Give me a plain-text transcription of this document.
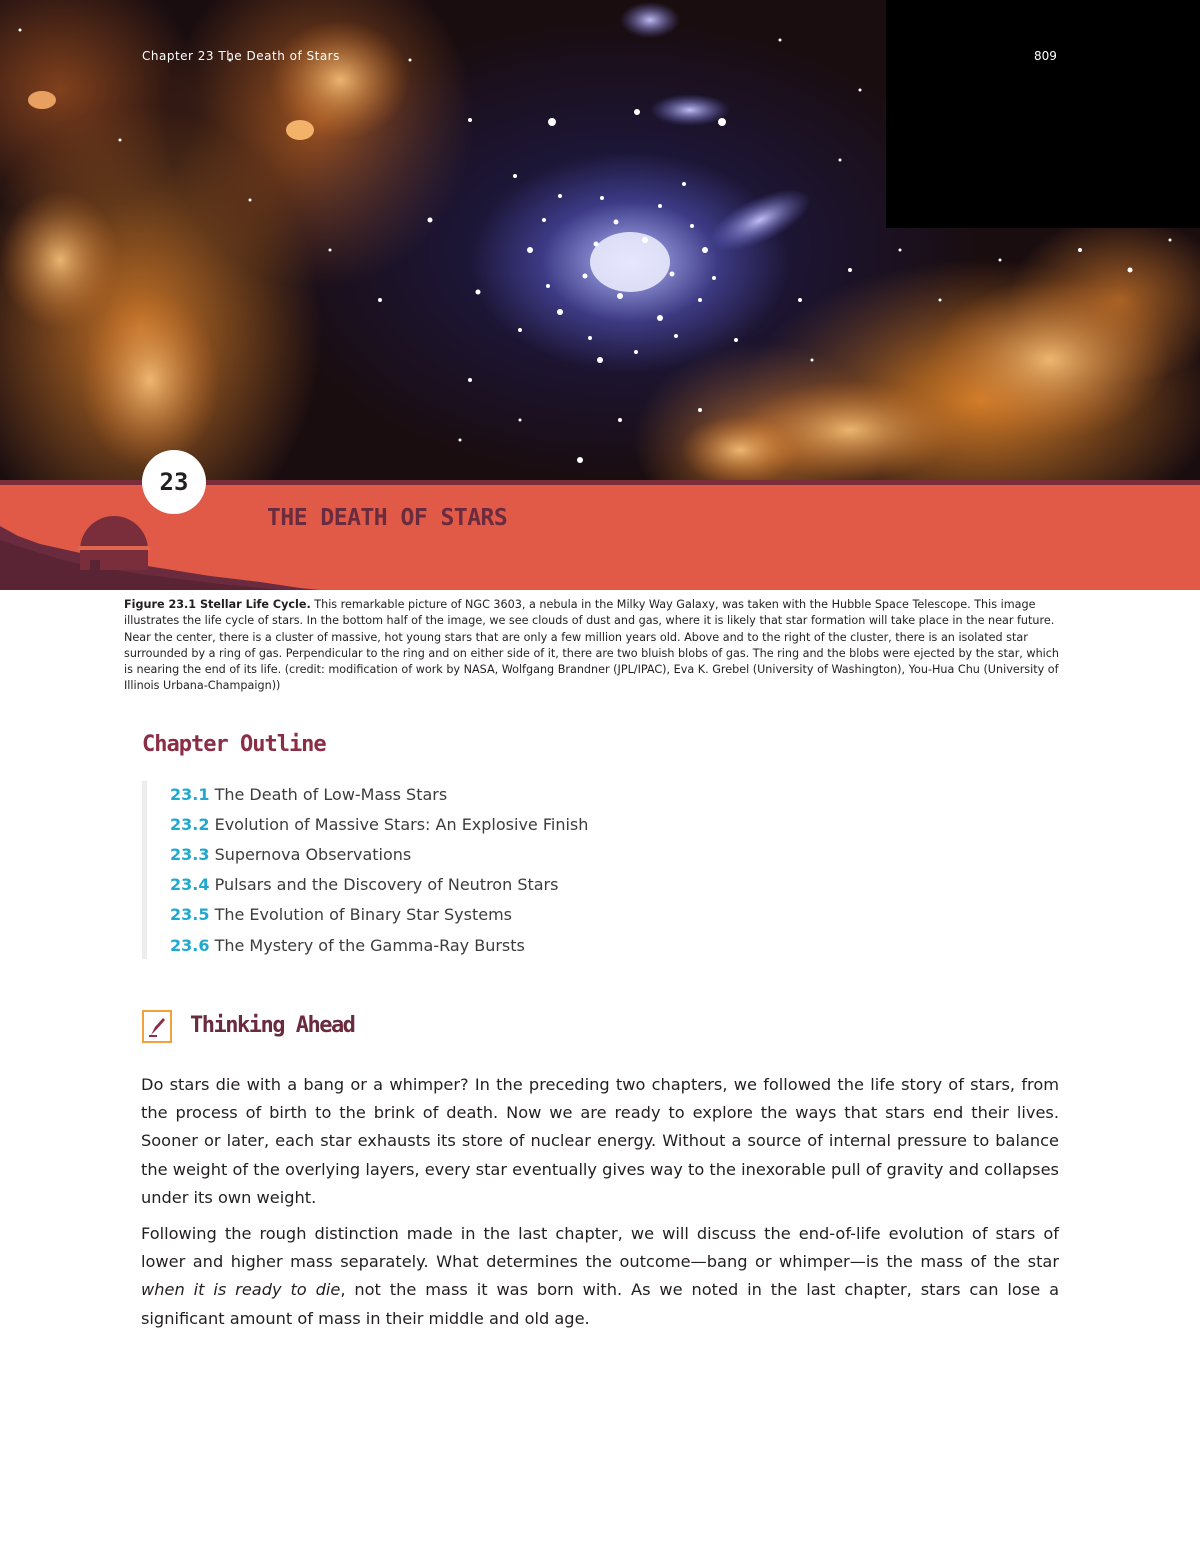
Chapter 23 The Death of Stars	809
23
THE DEATH OF STARS
Figure 23.1 Stellar Life Cycle. This remarkable picture of NGC 3603, a nebula in the Milky Way Galaxy, was taken with the Hubble Space Telescope. This image illustrates the life cycle of stars. In the bottom half of the image, we see clouds of dust and gas, where it is likely that star formation will take place in the near future. Near the center, there is a cluster of massive, hot young stars that are only a few million years old. Above and to the right of the cluster, there is an isolated star surrounded by a ring of gas. Perpendicular to the ring and on either side of it, there are two bluish blobs of gas. The ring and the blobs were ejected by the star, which is nearing the end of its life. (credit: modification of work by NASA, Wolfgang Brandner (JPL/IPAC), Eva K. Grebel (University of Washington), You-Hua Chu (University of Illinois Urbana-Champaign))
Chapter Outline
23.1 The Death of Low-Mass Stars
23.2 Evolution of Massive Stars: An Explosive Finish
23.3 Supernova Observations
23.4 Pulsars and the Discovery of Neutron Stars
23.5 The Evolution of Binary Star Systems
23.6 The Mystery of the Gamma-Ray Bursts
Thinking Ahead

Do stars die with a bang or a whimper? In the preceding two chapters, we followed the life story of stars, from the process of birth to the brink of death. Now we are ready to explore the ways that stars end their lives. Sooner or later, each star exhausts its store of nuclear energy. Without a source of internal pressure to balance the weight of the overlying layers, every star eventually gives way to the inexorable pull of gravity and collapses under its own weight.

Following the rough distinction made in the last chapter, we will discuss the end-of-life evolution of stars of lower and higher mass separately. What determines the outcome—bang or whimper—is the mass of the star when it is ready to die, not the mass it was born with. As we noted in the last chapter, stars can lose a significant amount of mass in their middle and old age.
